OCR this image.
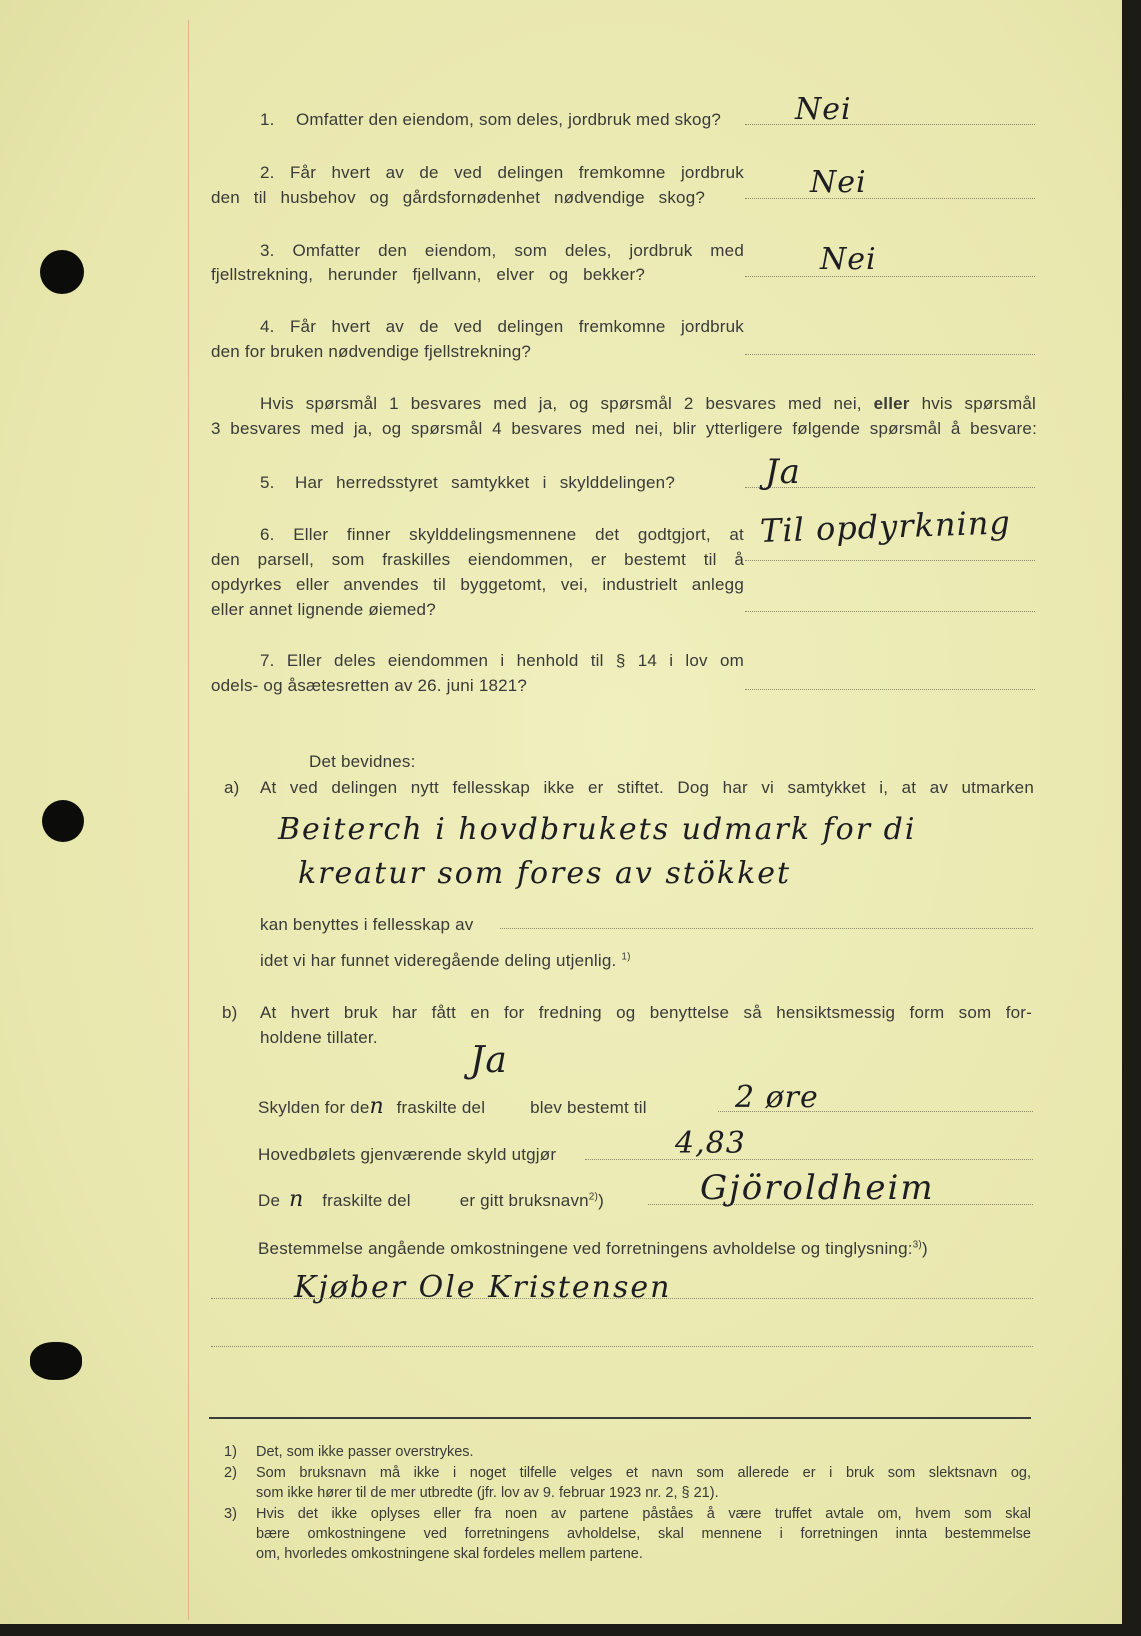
1. Omfatter den eiendom, som deles, jordbruk med skog? Nei
2. Får hvert av de ved delingen fremkomne jordbruk
den til husbehov og gårdsfornødenhet nødvendige skog?	Nei
3. Omfatter den eiendom, som deles, jordbruk med
fjellstrekning, herunder fjellvann, elver og bekker?	Nei
4. Får hvert av de ved delingen fremkomne jordbruk
den for bruken nødvendige fjellstrekning?
Hvis spørsmål 1 besvares med ja, og spørsmål 2 besvares med nei, eller hvis spørsmål
3 besvares med ja, og spørsmål 4 besvares med nei, blir ytterligere følgende spørsmål å besvare:
5. Har herredsstyret samtykket i skylddelingen?	Ja
6. Eller finner skylddelingsmennene det godtgjort, at
den parsell, som fraskilles eiendommen, er bestemt til å
opdyrkes eller anvendes til byggetomt, vei, industrielt anlegg
eller annet lignende øiemed?
Til opdyrkning
7. Eller deles eiendommen i henhold til § 14 i lov om
odels- og åsætesretten av 26. juni 1821?
Det bevidnes:
a) At ved delingen nytt fellesskap ikke er stiftet. Dog har vi samtykket i, at av utmarken
Beiterch i hovdbrukets udmark for di
kreatur som fores av stökket
kan benyttes i fellesskap av
idet vi har funnet videregående deling utjenlig. $^{1)}$
b) At hvert bruk har fått en for fredning og benyttelse så hensiktsmessig form som for-
holdene tillater.
Ja
Skylden for den fraskilte del	blev bestemt til	2 øre
Hovedbølets gjenværende skyld utgjør	4,83
De n fraskilte del	er gitt bruksnavn$^{2)}$)	Gjöroldheim
Bestemmelse angående omkostningene ved forretningens avholdelse og tinglysning:$^{3)}$)
Kjøber Ole Kristensen
1) Det, som ikke passer overstrykes.
2) Som bruksnavn må ikke i noget tilfelle velges et navn som allerede er i bruk som slektsnavn og,
som ikke hører til de mer utbredte (jfr. lov av 9. februar 1923 nr. 2, § 21).
3) Hvis det ikke oplyses eller fra noen av partene påståes å være truffet avtale om, hvem som skal
bære omkostningene ved forretningens avholdelse, skal mennene i forretningen innta bestemmelse
om, hvorledes omkostningene skal fordeles mellem partene.
